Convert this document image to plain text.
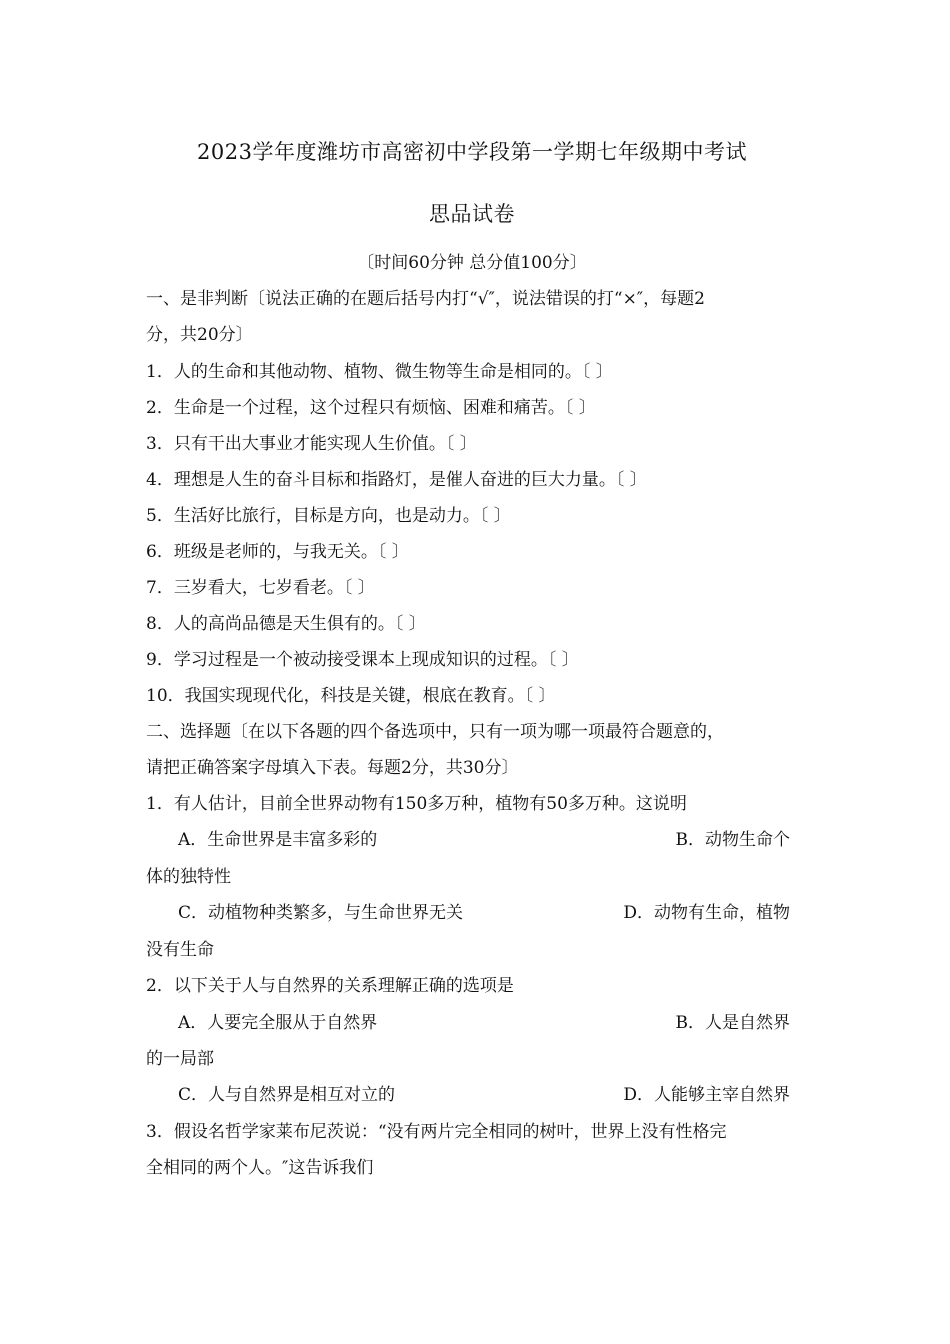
2023学年度潍坊市高密初中学段第一学期七年级期中考试
思品试卷
〔时间60分钟 总分值100分〕
一、是非判断〔说法正确的在题后括号内打“√″，说法错误的打“×″，每题2
分，共20分〕
1．人的生命和其他动物、植物、微生物等生命是相同的。〔 〕
2．生命是一个过程，这个过程只有烦恼、困难和痛苦。〔 〕
3．只有干出大事业才能实现人生价值。〔 〕
4．理想是人生的奋斗目标和指路灯，是催人奋进的巨大力量。〔 〕
5．生活好比旅行，目标是方向，也是动力。〔 〕
6．班级是老师的，与我无关。〔 〕
7．三岁看大，七岁看老。〔 〕
8．人的高尚品德是天生俱有的。〔 〕
9．学习过程是一个被动接受课本上现成知识的过程。〔 〕
10．我国实现现代化，科技是关键，根底在教育。〔 〕
二、选择题〔在以下各题的四个备选项中，只有一项为哪一项最符合题意的，
请把正确答案字母填入下表。每题2分，共30分〕
1．有人估计，目前全世界动物有150多万种，植物有50多万种。这说明
A．生命世界是丰富多彩的	B．动物生命个
体的独特性
C．动植物种类繁多，与生命世界无关	D．动物有生命，植物
没有生命
2．以下关于人与自然界的关系理解正确的选项是
A．人要完全服从于自然界	B．人是自然界
的一局部
C．人与自然界是相互对立的	D．人能够主宰自然界
3．假设名哲学家莱布尼茨说：“没有两片完全相同的树叶，世界上没有性格完
全相同的两个人。″这告诉我们
